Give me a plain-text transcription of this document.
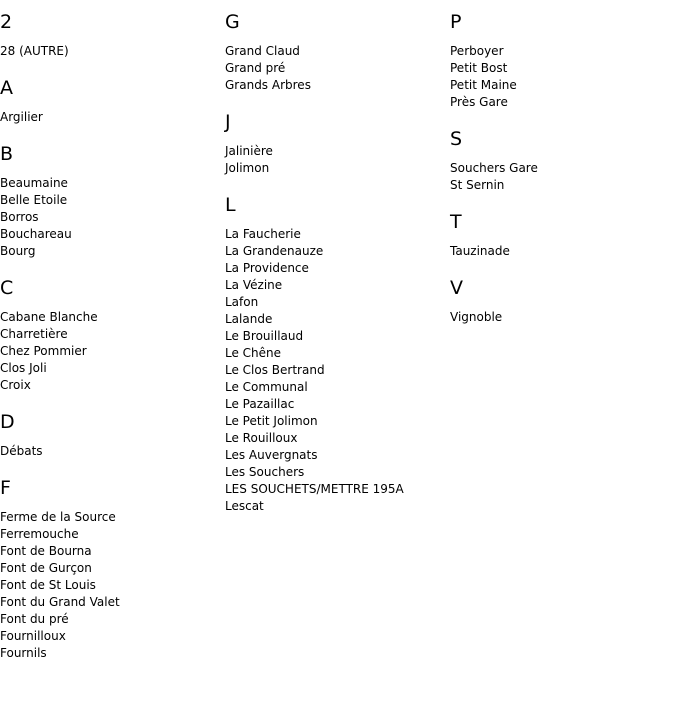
2
28 (AUTRE)
A
Argilier
B
Beaumaine
Belle Etoile
Borros
Bouchareau
Bourg
C
Cabane Blanche
Charretière
Chez Pommier
Clos Joli
Croix
D
Débats
F
Ferme de la Source
Ferremouche
Font de Bourna
Font de Gurçon
Font de St Louis
Font du Grand Valet
Font du pré
Fournilloux
Fournils
G
Grand Claud
Grand pré
Grands Arbres
J
Jalinière
Jolimon
L
La Faucherie
La Grandenauze
La Providence
La Vézine
Lafon
Lalande
Le Brouillaud
Le Chêne
Le Clos Bertrand
Le Communal
Le Pazaillac
Le Petit Jolimon
Le Rouilloux
Les Auvergnats
Les Souchers
LES SOUCHETS/METTRE 195A
Lescat
P
Perboyer
Petit Bost
Petit Maine
Près Gare
S
Souchers Gare
St Sernin
T
Tauzinade
V
Vignoble
